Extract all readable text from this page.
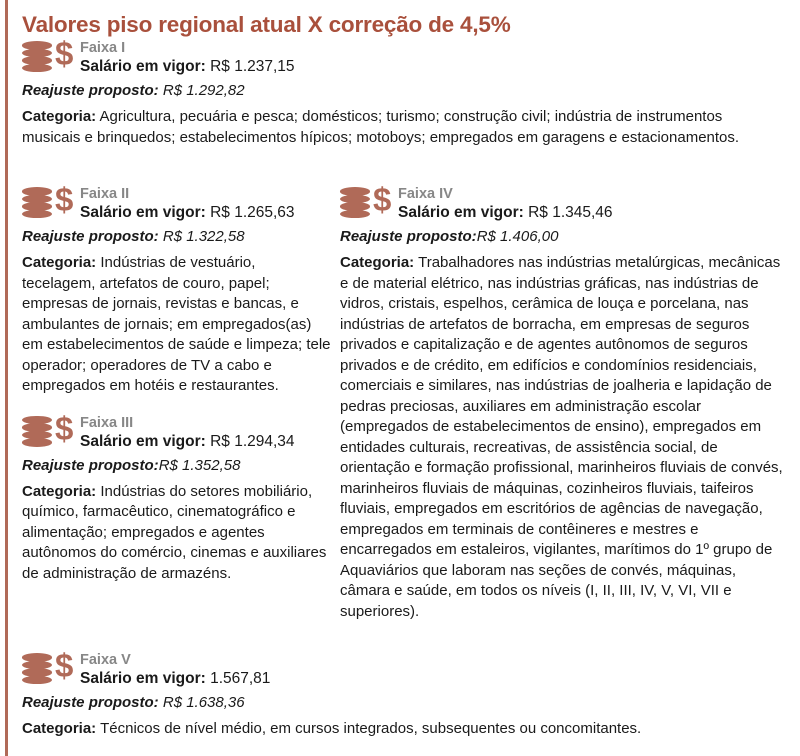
Valores piso regional atual X correção de 4,5%
$ Faixa I
Salário em vigor: R$ 1.237,15
Reajuste proposto: R$ 1.292,82
Categoria: Agricultura, pecuária e pesca; domésticos; turismo; construção civil; indústria de instrumentos musicais e brinquedos; estabelecimentos hípicos; motoboys; empregados em garagens e estacionamentos.
$ Faixa II
Salário em vigor: R$ 1.265,63
Reajuste proposto: R$ 1.322,58
Categoria: Indústrias de vestuário, tecelagem, artefatos de couro, papel; empresas de jornais, revistas e bancas, e ambulantes de jornais; em empregados(as) em estabelecimentos de saúde e limpeza; tele operador; operadores de TV a cabo e empregados em hotéis e restaurantes.
$ Faixa III
Salário em vigor: R$ 1.294,34
Reajuste proposto:R$ 1.352,58
Categoria: Indústrias do setores mobiliário, químico, farmacêutico, cinematográfico e alimentação; empregados e agentes autônomos do comércio, cinemas e auxiliares de administração de armazéns.
$ Faixa IV
Salário em vigor: R$ 1.345,46
Reajuste proposto:R$ 1.406,00
Categoria: Trabalhadores nas indústrias metalúrgicas, mecânicas e de material elétrico, nas indústrias gráficas, nas indústrias de vidros, cristais, espelhos, cerâmica de louça e porcelana, nas indústrias de artefatos de borracha, em empresas de seguros privados e capitalização e de agentes autônomos de seguros privados e de crédito, em edifícios e condomínios residenciais, comerciais e similares, nas indústrias de joalheria e lapidação de pedras preciosas, auxiliares em administração escolar (empregados de estabelecimentos de ensino), empregados em entidades culturais, recreativas, de assistência social, de orientação e formação profissional, marinheiros fluviais de convés, marinheiros fluviais de máquinas, cozinheiros fluviais, taifeiros fluviais, empregados em escritórios de agências de navegação, empregados em terminais de contêineres e mestres e encarregados em estaleiros, vigilantes, marítimos do 1º grupo de Aquaviários que laboram nas seções de convés, máquinas, câmara e saúde, em todos os níveis (I, II, III, IV, V, VI, VII e superiores).
$ Faixa V
Salário em vigor: 1.567,81
Reajuste proposto: R$ 1.638,36
Categoria: Técnicos de nível médio, em cursos integrados, subsequentes ou concomitantes.
